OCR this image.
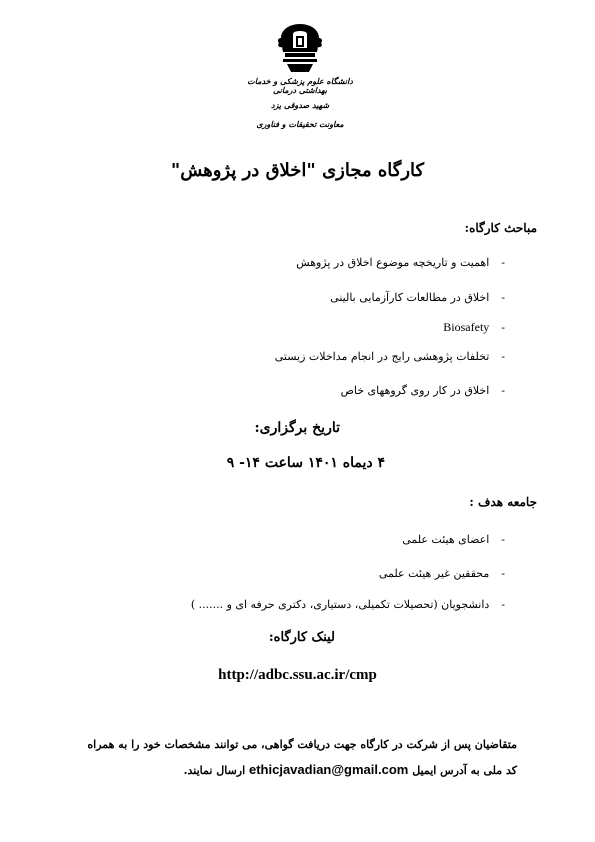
دانشگاه علوم پزشکی و خدمات بهداشتی درمانی
شهید صدوقی یزد
معاونت تحقیقات و فناوری
کارگاه مجازی "اخلاق در پژوهش"
مباحث کارگاه:
-اهمیت و تاریخچه موضوع اخلاق در پژوهش
-اخلاق در مطالعات کارآزمایی بالینی
-Biosafety
-تخلفات پژوهشی رایج در انجام مداخلات زیستی
-اخلاق در کار روی گروههای خاص
تاریخ برگزاری:
۴ دیماه ۱۴۰۱ ساعت ۱۴- ۹
جامعه هدف :
-اعضای هیئت علمی
-محققین غیر هیئت علمی
-دانشجویان (تحصیلات تکمیلی، دستیاری، دکتری حرفه ای و ....... )
لینک کارگاه:
http://adbc.ssu.ac.ir/cmp
متقاضیان پس از شرکت در کارگاه جهت دریافت گواهی، می توانند مشخصات خود را به همراه
کد ملی به آدرس ایمیل ethicjavadian@gmail.com ارسال نمایند.
